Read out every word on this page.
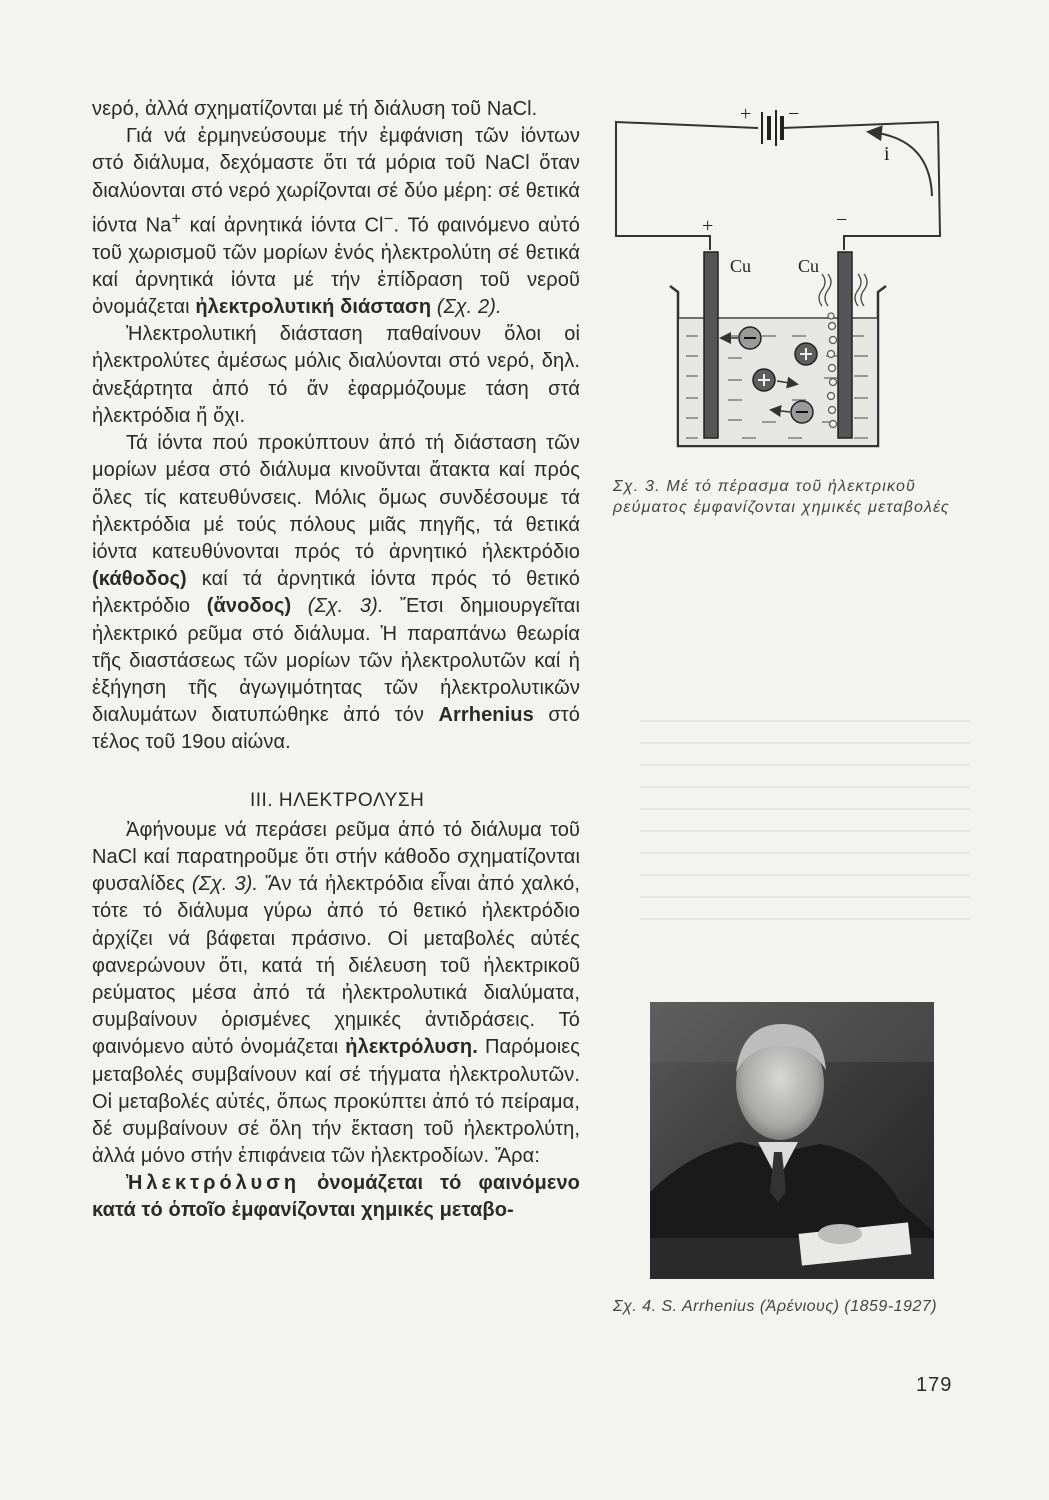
νερό, ἀλλά σχηματίζονται μέ τή διάλυση τοῦ NaCl.

Γιά νά ἑρμηνεύσουμε τήν ἐμφάνιση τῶν ἰόντων στό διάλυμα, δεχόμαστε ὅτι τά μόρια τοῦ NaCl ὅταν διαλύονται στό νερό χωρίζονται σέ δύο μέρη: σέ θετικά ἰόντα Na+ καί ἀρνητικά ἰόντα Cl−. Τό φαινόμενο αὐτό τοῦ χωρισμοῦ τῶν μορίων ἑνός ἠλεκτρολύτη σέ θετικά καί ἀρνητικά ἰόντα μέ τήν ἐπίδραση τοῦ νεροῦ ὀνομάζεται ἠλεκτρολυτική διάσταση (Σχ. 2).

Ἠλεκτρολυτική διάσταση παθαίνουν ὅλοι οἱ ἠλεκτρολύτες ἀμέσως μόλις διαλύονται στό νερό, δηλ. ἀνεξάρτητα ἀπό τό ἄν ἐφαρμόζουμε τάση στά ἠλεκτρόδια ἤ ὄχι.

Τά ἰόντα πού προκύπτουν ἀπό τή διάσταση τῶν μορίων μέσα στό διάλυμα κινοῦνται ἄτακτα καί πρός ὅλες τίς κατευθύνσεις. Μόλις ὅμως συνδέσουμε τά ἠλεκτρόδια μέ τούς πόλους μιᾶς πηγῆς, τά θετικά ἰόντα κατευθύνονται πρός τό ἀρνητικό ἠλεκτρόδιο (κάθοδος) καί τά ἀρνητικά ἰόντα πρός τό θετικό ἠλεκτρόδιο (ἄνοδος) (Σχ. 3). Ἔτσι δημιουργεῖται ἠλεκτρικό ρεῦμα στό διάλυμα. Ἡ παραπάνω θεωρία τῆς διαστάσεως τῶν μορίων τῶν ἠλεκτρολυτῶν καί ἡ ἐξήγηση τῆς ἀγωγιμότητας τῶν ἠλεκτρολυτικῶν διαλυμάτων διατυπώθηκε ἀπό τόν Arrhenius στό τέλος τοῦ 19ου αἰώνα.

III. ΗΛΕΚΤΡΟΛΥΣΗ

Ἀφήνουμε νά περάσει ρεῦμα ἀπό τό διάλυμα τοῦ NaCl καί παρατηροῦμε ὅτι στήν κάθοδο σχηματίζονται φυσαλίδες (Σχ. 3). Ἄν τά ἠλεκτρόδια εἶναι ἀπό χαλκό, τότε τό διάλυμα γύρω ἀπό τό θετικό ἠλεκτρόδιο ἀρχίζει νά βάφεται πράσινο. Οἱ μεταβολές αὐτές φανερώνουν ὅτι, κατά τή διέλευση τοῦ ἠλεκτρικοῦ ρεύματος μέσα ἀπό τά ἠλεκτρολυτικά διαλύματα, συμβαίνουν ὁρισμένες χημικές ἀντιδράσεις. Τό φαινόμενο αὐτό ὀνομάζεται ἠλεκτρόλυση. Παρόμοιες μεταβολές συμβαίνουν καί σέ τήγματα ἠλεκτρολυτῶν. Οἱ μεταβολές αὐτές, ὅπως προκύπτει ἀπό τό πείραμα, δέ συμβαίνουν σέ ὅλη τήν ἔκταση τοῦ ἠλεκτρολύτη, ἀλλά μόνο στήν ἐπιφάνεια τῶν ἠλεκτροδίων. Ἄρα:

Ἠλεκτρόλυση ὀνομάζεται τό φαινόμενο κατά τό ὁποῖο ἐμφανίζονται χημικές μεταβο-

+ −
i
+	−
Cu	Cu
Σχ. 3. Μέ τό πέρασμα τοῦ ἠλεκτρικοῦ ρεύματος ἐμφανίζονται χημικές μεταβολές
Σχ. 4. S. Arrhenius (Ἀρένιους) (1859-1927)
179
